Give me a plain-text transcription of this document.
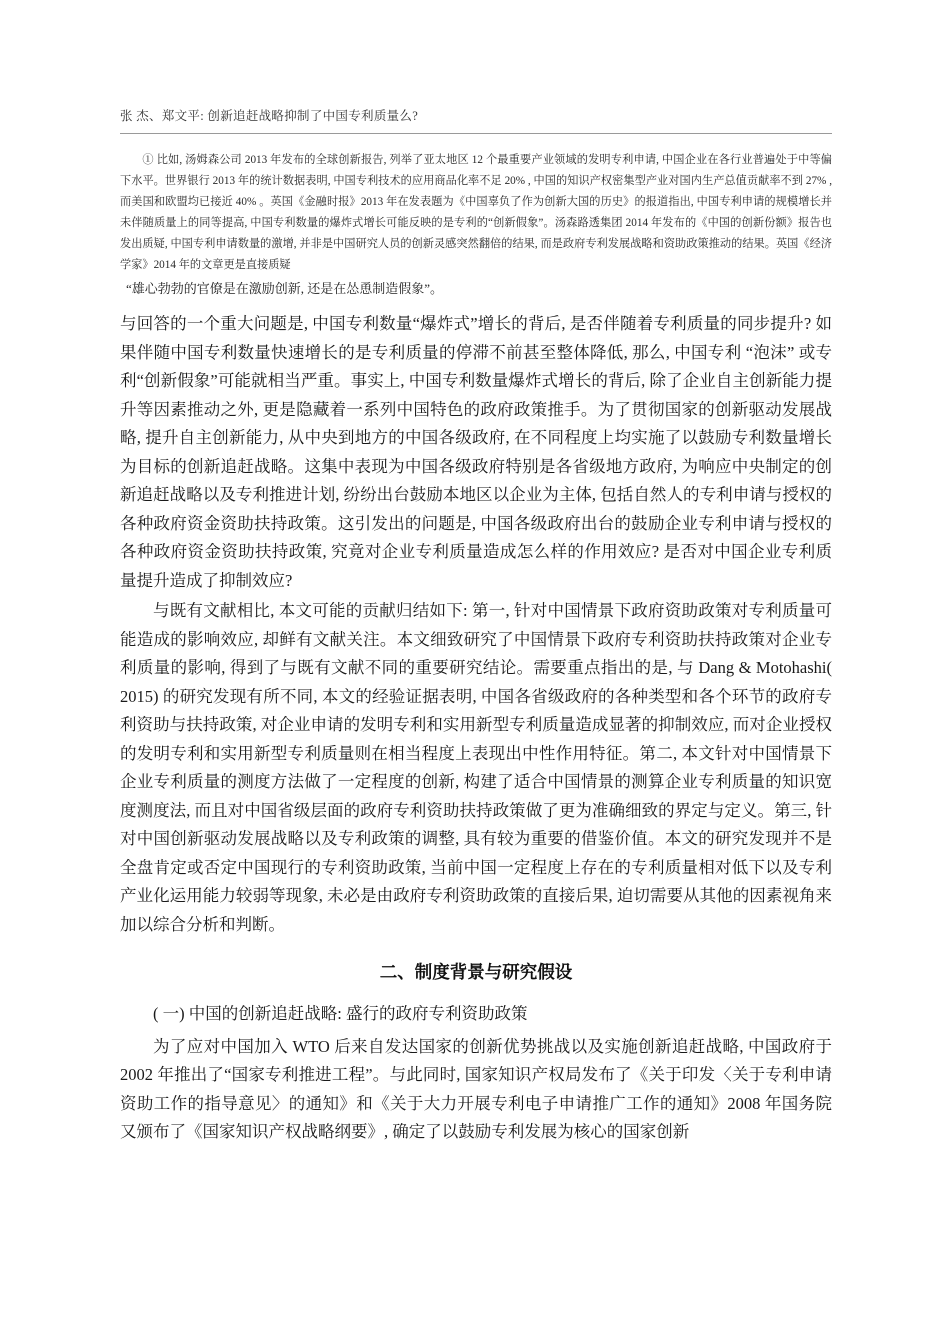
张 杰、郑文平: 创新追赶战略抑制了中国专利质量么?

① 比如, 汤姆森公司 2013 年发布的全球创新报告, 列举了亚太地区 12 个最重要产业领域的发明专利申请, 中国企业在各行业普遍处于中等偏下水平。世界银行 2013 年的统计数据表明, 中国专利技术的应用商品化率不足 20% , 中国的知识产权密集型产业对国内生产总值贡献率不到 27% , 而美国和欧盟均已接近 40% 。英国《金融时报》2013 年在发表题为《中国辜负了作为创新大国的历史》的报道指出, 中国专利申请的规模增长并未伴随质量上的同等提高, 中国专利数量的爆炸式增长可能反映的是专利的“创新假象”。汤森路透集团 2014 年发布的《中国的创新份额》报告也发出质疑, 中国专利申请数量的激增, 并非是中国研究人员的创新灵感突然翻倍的结果, 而是政府专利发展战略和资助政策推动的结果。英国《经济学家》2014 年的文章更是直接质疑

“雄心勃勃的官僚是在激励创新, 还是在怂恿制造假象”。

与回答的一个重大问题是, 中国专利数量“爆炸式”增长的背后, 是否伴随着专利质量的同步提升? 如果伴随中国专利数量快速增长的是专利质量的停滞不前甚至整体降低, 那么, 中国专利 “泡沫” 或专利“创新假象”可能就相当严重。事实上, 中国专利数量爆炸式增长的背后, 除了企业自主创新能力提升等因素推动之外, 更是隐藏着一系列中国特色的政府政策推手。为了贯彻国家的创新驱动发展战略, 提升自主创新能力, 从中央到地方的中国各级政府, 在不同程度上均实施了以鼓励专利数量增长为目标的创新追赶战略。这集中表现为中国各级政府特别是各省级地方政府, 为响应中央制定的创新追赶战略以及专利推进计划, 纷纷出台鼓励本地区以企业为主体, 包括自然人的专利申请与授权的各种政府资金资助扶持政策。这引发出的问题是, 中国各级政府出台的鼓励企业专利申请与授权的各种政府资金资助扶持政策, 究竟对企业专利质量造成怎么样的作用效应? 是否对中国企业专利质量提升造成了抑制效应?

与既有文献相比, 本文可能的贡献归结如下: 第一, 针对中国情景下政府资助政策对专利质量可能造成的影响效应, 却鲜有文献关注。本文细致研究了中国情景下政府专利资助扶持政策对企业专利质量的影响, 得到了与既有文献不同的重要研究结论。需要重点指出的是, 与 Dang & Motohashi( 2015) 的研究发现有所不同, 本文的经验证据表明, 中国各省级政府的各种类型和各个环节的政府专利资助与扶持政策, 对企业申请的发明专利和实用新型专利质量造成显著的抑制效应, 而对企业授权的发明专利和实用新型专利质量则在相当程度上表现出中性作用特征。第二, 本文针对中国情景下企业专利质量的测度方法做了一定程度的创新, 构建了适合中国情景的测算企业专利质量的知识宽度测度法, 而且对中国省级层面的政府专利资助扶持政策做了更为准确细致的界定与定义。第三, 针对中国创新驱动发展战略以及专利政策的调整, 具有较为重要的借鉴价值。本文的研究发现并不是全盘肯定或否定中国现行的专利资助政策, 当前中国一定程度上存在的专利质量相对低下以及专利产业化运用能力较弱等现象, 未必是由政府专利资助政策的直接后果, 迫切需要从其他的因素视角来加以综合分析和判断。

二、制度背景与研究假设

( 一) 中国的创新追赶战略: 盛行的政府专利资助政策

为了应对中国加入 WTO 后来自发达国家的创新优势挑战以及实施创新追赶战略, 中国政府于 2002 年推出了“国家专利推进工程”。与此同时, 国家知识产权局发布了《关于印发〈关于专利申请资助工作的指导意见〉的通知》和《关于大力开展专利电子申请推广工作的通知》2008 年国务院又颁布了《国家知识产权战略纲要》, 确定了以鼓励专利发展为核心的国家创新
